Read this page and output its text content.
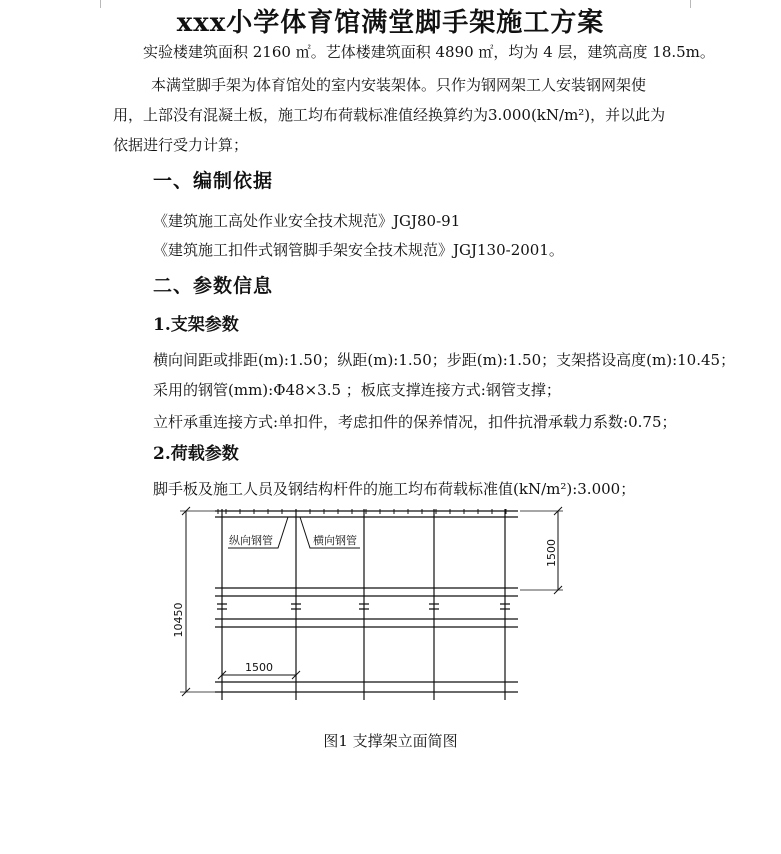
xxx小学体育馆满堂脚手架施工方案
实验楼建筑面积 2160 ㎡。艺体楼建筑面积 4890 ㎡，均为 4 层，建筑高度 18.5m。
本满堂脚手架为体育馆处的室内安装架体。只作为钢网架工人安装钢网架使
用，上部没有混凝土板，施工均布荷载标准值经换算约为3.000(kN/m²)，并以此为
依据进行受力计算；
一、编制依据
《建筑施工高处作业安全技术规范》JGJ80-91
《建筑施工扣件式钢管脚手架安全技术规范》JGJ130-2001。
二、参数信息
1.支架参数
横向间距或排距(m):1.50；纵距(m):1.50；步距(m):1.50；支架搭设高度(m):10.45；
采用的钢管(mm):Φ48×3.5 ；板底支撑连接方式:钢管支撑；
立杆承重连接方式:单扣件，考虑扣件的保养情况，扣件抗滑承载力系数:0.75；
2.荷载参数
脚手板及施工人员及钢结构杆件的施工均布荷载标准值(kN/m²):3.000；
纵向钢管	横向钢管
10450
1500
1500
图1 支撑架立面简图
